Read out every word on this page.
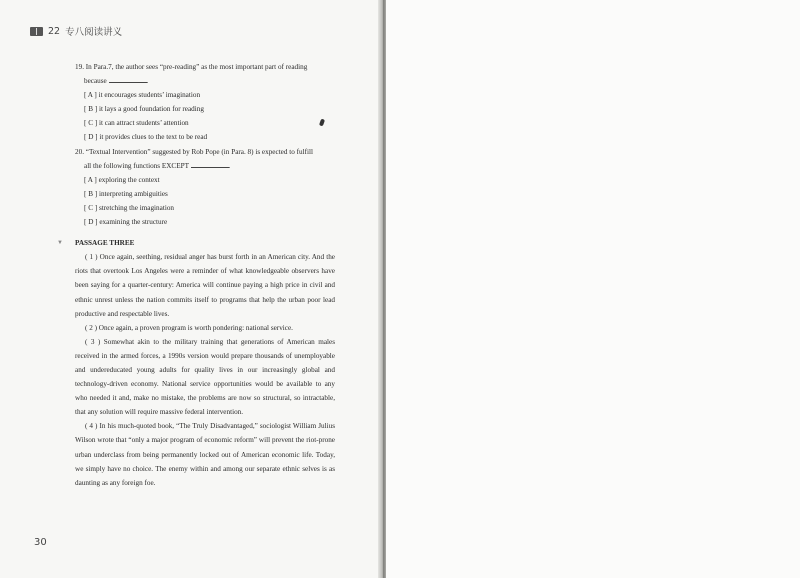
22 专八阅读讲义
▼
19. In Para.7, the author sees “pre-reading” as the most important part of reading
because	.
[ A ] it encourages students’ imagination
[ B ] it lays a good foundation for reading
[ C ] it can attract students’ attention
[ D ] it provides clues to the text to be read
20. “Textual Intervention” suggested by Rob Pope (in Para. 8) is expected to fulfill
all the following functions EXCEPT	.
[ A ] exploring the context
[ B ] interpreting ambiguities
[ C ] stretching the imagination
[ D ] examining the structure
PASSAGE THREE
( 1 ) Once again, seething, residual anger has burst forth in an American city. And the riots that overtook Los Angeles were a reminder of what knowledgeable observers have been saying for a quarter-century: America will continue paying a high price in civil and ethnic unrest unless the nation commits itself to programs that help the urban poor lead productive and respectable lives.
( 2 ) Once again, a proven program is worth pondering: national service.
( 3 ) Somewhat akin to the military training that generations of American males received in the armed forces, a 1990s version would prepare thousands of unemployable and undereducated young adults for quality lives in our increasingly global and technology-driven economy. National service opportunities would be available to any who needed it and, make no mistake, the problems are now so structural, so intractable, that any solution will require massive federal intervention.
( 4 ) In his much-quoted book, “The Truly Disadvantaged,” sociologist William Julius Wilson wrote that “only a major program of economic reform” will prevent the riot-prone urban underclass from being permanently locked out of American economic life. Today, we simply have no choice. The enemy within and among our separate ethnic selves is as daunting as any foreign foe.
30
